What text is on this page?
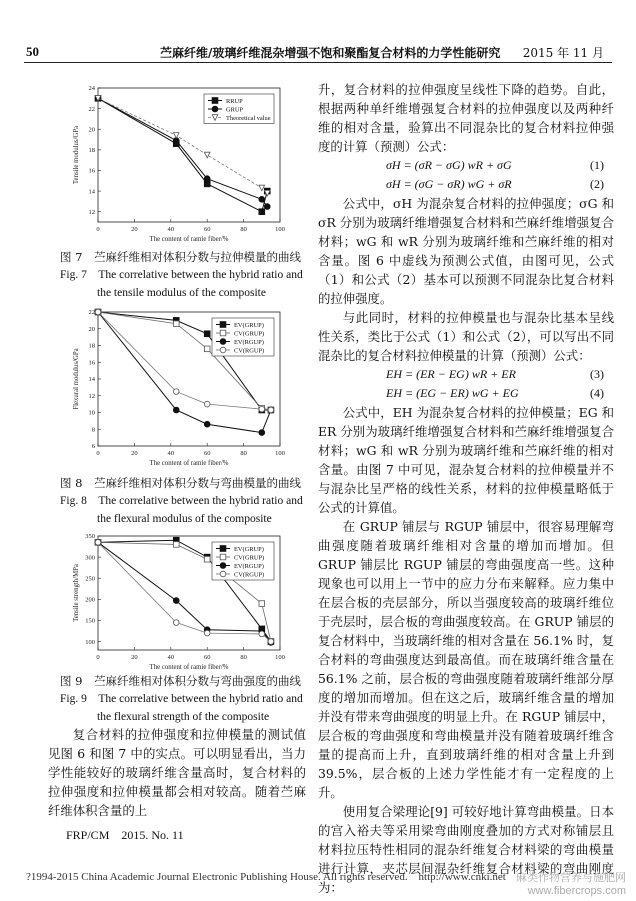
50	苎麻纤维/玻璃纤维混杂增强不饱和聚酯复合材料的力学性能研究 2015 年 11 月
0	20	40	60	80	100
12
14
16
18
20
22
24
The content of ramie fiber/%
Tensile modulus/GPa
RRUP
GRUP
Theoretical value
图 7　苎麻纤维相对体积分数与拉伸模量的曲线
Fig. 7　The correlative between the hybrid ratio and
the tensile modulus of the composite
0	20	40	60	80	100
6
8
10
12
14
16
18
20
22
The content of ramie fiber/%
Flexural modulus/GPa
EV(GRUP)
CV(GRUP)
EV(RGUP)
CV(RGUP)
图 8　苎麻纤维相对体积分数与弯曲模量的曲线
Fig. 8　The correlative between the hybrid ratio and
the flexural modulus of the composite
0	20	40	60	80	100
100
150
200
250
300
350
The content of ramie fiber/%
Tensile strength/MPa
EV(GRUP)
CV(GRUP)
EV(RGUP)
CV(RGUP)
图 9　苎麻纤维相对体积分数与弯曲强度的曲线
Fig. 9　The correlative between the hybrid ratio and
the flexural strength of the composite
复合材料的拉伸强度和拉伸模量的测试值见图 6 和图 7 中的实点。可以明显看出，当力学性能较好的玻璃纤维含量高时，复合材料的拉伸强度和拉伸模量都会相对较高。随着苎麻纤维体积含量的上

升，复合材料的拉伸强度呈线性下降的趋势。自此，根据两种单纤维增强复合材料的拉伸强度以及两种纤维的相对含量，验算出不同混杂比的复合材料拉伸强度的计算（预测）公式：

σH = (σR − σG) wR + σG	(1)
σH = (σG − σR) wG + σR	(2)

公式中，σH 为混杂复合材料的拉伸强度；σG 和 σR 分别为玻璃纤维增强复合材料和苎麻纤维增强复合材料；wG 和 wR 分别为玻璃纤维和苎麻纤维的相对含量。图 6 中虚线为预测公式值，由图可见，公式（1）和公式（2）基本可以预测不同混杂比复合材料的拉伸强度。

与此同时，材料的拉伸模量也与混杂比基本呈线性关系，类比于公式（1）和公式（2），可以写出不同混杂比的复合材料拉伸模量的计算（预测）公式：

EH = (ER − EG) wR + ER	(3)
EH = (EG − ER) wG + EG	(4)

公式中，EH 为混杂复合材料的拉伸模量；EG 和 ER 分别为玻璃纤维增强复合材料和苎麻纤维增强复合材料；wG 和 wR 分别为玻璃纤维和苎麻纤维的相对含量。由图 7 中可见，混杂复合材料的拉伸模量并不与混杂比呈严格的线性关系，材料的拉伸模量略低于公式的计算值。

在 GRUP 铺层与 RGUP 铺层中，很容易理解弯曲强度随着玻璃纤维相对含量的增加而增加。但 GRUP 铺层比 RGUP 铺层的弯曲强度高一些。这种现象也可以用上一节中的应力分布来解释。应力集中在层合板的壳层部分，所以当强度较高的玻璃纤维位于壳层时，层合板的弯曲强度较高。在 GRUP 铺层的复合材料中，当玻璃纤维的相对含量在 56.1% 时，复合材料的弯曲强度达到最高值。而在玻璃纤维含量在 56.1% 之前，层合板的弯曲强度随着玻璃纤维部分厚度的增加而增加。但在这之后，玻璃纤维含量的增加并没有带来弯曲强度的明显上升。在 RGUP 铺层中，层合板的弯曲强度和弯曲模量并没有随着玻璃纤维含量的提高而上升，直到玻璃纤维的相对含量上升到 39.5%，层合板的上述力学性能才有一定程度的上升。

使用复合梁理论[9] 可较好地计算弯曲模量。日本的宫入裕夫等采用梁弯曲刚度叠加的方式对称铺层且材料拉压特性相同的混杂纤维复合材料梁的弯曲模量进行计算，夹芯层间混杂纤维复合材料梁的弯曲刚度为：

FRP/CM　2015. No. 11
?1994-2015 China Academic Journal Electronic Publishing House. All rights reserved.　http://www.cnki.net 麻类作物营养与施肥网
www.fibercrops.com
